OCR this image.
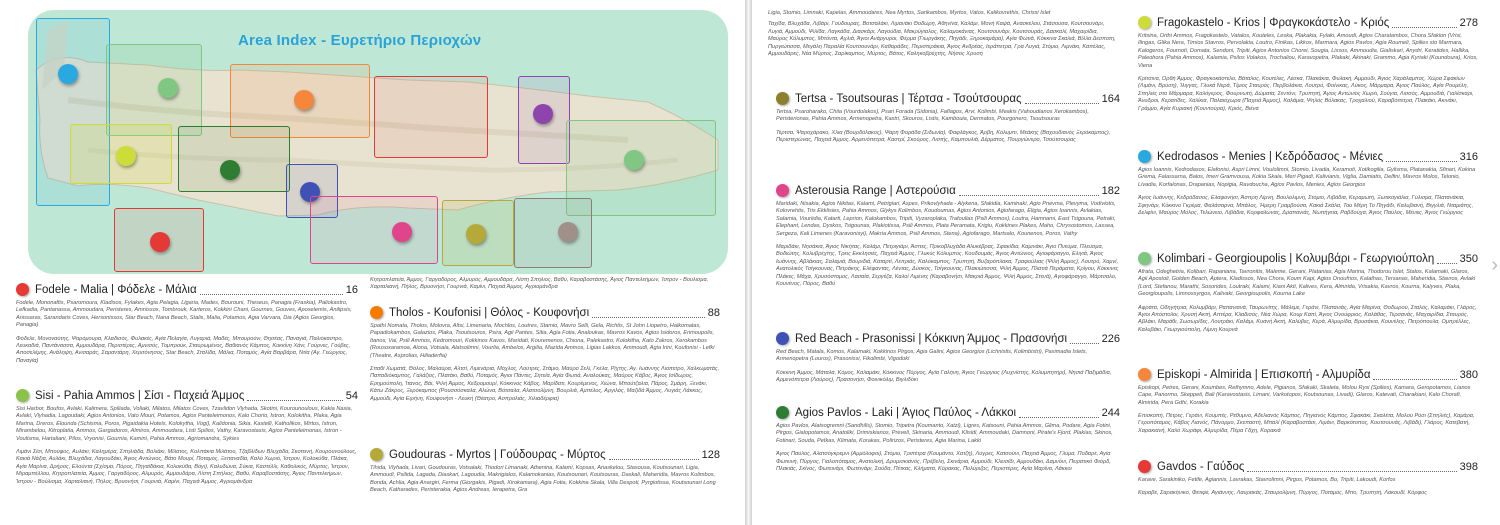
Area Index - Ευρετήριο Περιοχών
Fodele - Malia | Φόδελε - Μάλια	16

Fodele, Mononaftis, Psaromoura, Kladisos, Fylakes, Agia Pelagia, Ligaria, Mades, Bourouni, Theseus, Panagia (Fraskia), Paliokastro, Lefkadia, Pantanassa, Ammoudara, Peristeres, Amnissos, Tombrouk, Karteros, Kokkini Chani, Gournes, Gouves, Aposelemis, Anilipsis, Anissaras, Sarandaris Coves, Hersonissos, Star Beach, Nana Beach, Stalis, Malia, Potamos, Agia Varvara, Dia (Agios Georgios, Panagia)

Φόδελε, Μονοναύτης, Ψαρόμουρα, Κλαδισός, Φυλακές, Αγία Πελαγία, Λυγαριά, Μαδές, Μπουρούνι, Θησέας, Παναγιά, Παλιόκαστρο, Λευκαδιά, Παντάνασσα, Αμμουδάρα, Περιστέρες, Αμνισός, Τομπρούκ, Σταυρωμένος, Βαθιανός Κάμπος, Κοκκίνη Χάνι, Γούρνες, Γούβες, Αποσελέμης, Ανάληψη, Ανισαράς, Σαραντάρη, Χερσόνησος, Star Beach, Σταλίδα, Μάλια, Ποταμός, Αγία Βαρβάρα, Ντία (Αγ. Γεώργιος, Παναγία)

Sisi - Pahia Ammos | Σίσι - Παχειά Άμμος	54

Sisi Harbor, Boufos, Avlaki, Kalimera, Spiliada, Voliaki, Milatos, Milatos Coves, Tzavlidon Vlyhada, Skotini, Kourounoulous, Kakia Naxia, Avlaki, Vlyhadia, Lagoudaki, Agios Antonios, Vato Mouri, Potamos, Agios Panteleimonos, Kalo Chorio, Istron, Kolokitha, Plaka, Agia Marina, Dreros, Elounda (Schisma, Poros, Pigaidakia Hotels, Kolokytha, Vogi), Kalidonia, Sikia, Kastelli, Katholikos, Mirtos, Istron, Mirambelou, Kitroplatia, Ammos, Gargadoros, Almiros, Ammoudara, Listi Spilios, Vathy, Karavostasis, Agios Panteleimonas, Istron - Voulisma, Hartaliani, Pilos, Vryonisi, Gournia, Kamini, Pahia Ammos, Agriomandra, Sykies

Λιμάνι Σίσι, Μπούφος, Αυλάκι, Καλημέρα, Σπηλιάδα, Βολιάκι, Μίλατος, Κολπάκια Μιλάτου, Τζαβλίδων Βλυχάδα, Σκοτεινή, Κουρουνούλους, Κακιά Νάξια, Αυλάκι, Βλυχάδια, Λαγουδάκι, Άγιος Αντώνιος, Βάτο Μουρί, Ποταμός, Ξεπαναδία, Καλό Χωριό, Ίστρον, Κολοκύθα, Πλάκα, Αγία Μαρίνα, Δρήρος, Ελούντα (Σχίσμα, Πόρος, Πηγαϊδάκια, Κολοκύθα, Βόγι), Καλυδώνα, Σύκια, Καστέλλι, Καθολικός, Μύρτος, Ίστρον, Μιραμπέλλου, Κητροπλατεία, Άμμος, Γαργαδόρος, Αλμυρός, Αμμουδάρα, Λίστη Σπήλιος, Βαθύ, Καραβοστάσης, Άγιος Παντελεήμων, Ίστρον - Βούλισμα, Χαρταλιανή, Πήλος, Βρυονήσι, Γουρνιά, Καμίνι, Παχειά Άμμος, Αγριομάνδρα

Κητροπλατεία, Άμμος, Γαργαδόρος, Αλμυρός, Αμμουδάρα, Λίστη Σπήλιος, Βαθύ, Καραβοστάσης, Άγιος Παντελεήμων, Ίστρον - Βούλισμα, Χαρταλιανή, Πήλος, Βρυονήσι, Γουρνιά, Καμίνι, Παχειά Άμμος, Αγριομάνδρα

Tholos - Koufonisi | Θόλος - Κουφονήσι	88

Spathi Nomata, Tholos, Molovra, Altsi, Limenaria, Mochlos, Loutres, Stamio, Mavro Selli, Gela, Richtis, St John Liopetro, Halkomatas, Papadiokambos, Galazios, Plaka, Tsoutsouros, Psira, Agii Pantes, Sitia, Agia Fotia, Analoukas, Mavros Kavos, Agios Isidoros, Erimoupolis, Itanos, Vai, Psili Ammos, Kedromouri, Kokkinos Kavos, Maridati, Kouremenos, Chiona, Palekastro, Kolokitha, Kato Zakros, Xerokambos (Rousoxaramoa, Alona, Votsala, Alatsolimni, Vourlia, Ambelos, Argilia, Mazida Ammos, Ligias Lakkos, Ammoudi, Agia Irini, Koufonisi - Lefki (Theatre, Asprolias, Hiliaderfia)

Σπαθί Χωματά, Θόλος, Μαλαύρα, Αλτσί, Λιμενάρια, Μόχλος, Λούτρες, Στάμιο, Μαύρο Σελί, Γκέλα, Ρίχτης, Αγ. Ιωάννης Λιόπετρο, Χαλκωματάς, Παπαδιόκαμπος, Γαλάζιος, Πλατάκι, Βαθύ, Ποταμός, Άγιοι Πάντες, Σητεία, Αγία Φωτιά, Αναλούκας, Μαύρος Κάβος, Άγιος Ισίδωρος, Ερημούπολη, Ίτανος, Βάι, Ψιλή Άμμος, Κεδρομουρί, Κόκκινος Κάβος, Μαρίδατι, Κουρέμενος, Χιώνα, Μπούτζαλια, Πάρος, Σμάρη, Ξενάκι, Κάτω Ζάκρος, Ξερόκαμπος (Ρουσσόσκαλα, Αλώνα, Βότσαλα, Αλατσολίμνη, Βουρλιά, Αμπέλος, Αργιλός, Μαζιδά Άμμος, Λυγιάς Λάκκος, Αμμούδι, Αγία Ειρήνη, Κουφονήσι - Λευκή (Θέατρο, Ασπρολιάς, Χιλιαδέρφια)

Goudouras - Myrtos | Γούδουρας - Μύρτος	128

Tihida, Vlyhada, Livari, Goudouras, Votsalaki, Thodori Limanaki, Athenina, Kalami, Kopsas, Anaskelou, Stasousa, Koutsounari, Ligia, Ammoudi, Psilida, Lagada, Diaskari, Lagoudia, Makrigialos, Kalamokanias, Koutsounari, Koutsouras, Daskali, Maheridia, Mavros Kolimbos, Bonda, Achlia, Agia Anargiri, Ferma (Giorgakis, Pigadi, Xirokamara), Agia Fotia, Kokkina Skala, Villa Despoti, Pyrgiotissa, Koutsounari Long Beach, Katharades, Peristerakia, Agios Andreas, Ierapetra, Gra

Ligia, Stomio, Limnaki, Kapelas, Ammoudares, Nea Myrtos, Sarikambos, Myrtos, Vatos, Kalikovrethis, Chrissi Islet

Ταχίδα, Βλυχάδα, Λιβάρι, Γούδουρας, Βοτσαλάκι, Λιμανάκι Θοδωρή, Αθηνίνα, Καλάμι, Μονή Καψά, Ανασκέλου, Στάσουσα, Κουτσουνάρι, Λυγιά, Αμμούδι, Ψιλίδα, Λαγκάδα, Διασκάρι, Λαγούδια, Μακρύγιαλος, Καλαμοκάνιας, Κουτσουνάρι, Κουτσουράς, Δασκαλί, Μαχαιρίδια, Μαύρος Κόλυμπος, Μπόντα, Αχλιά, Άγιοι Ανάργυροι, Φέρμα (Γιωργάκης, Πηγάδι, Ξηροκαμάρα), Αγία Φωτιά, Κόκκινα Σκαλιά, Βίλλα Δεσποτη, Πυργιώτισσα, Μεγάλη Παραλία Κουτσουνάρι, Καθαράδες, Περιστεράκια, Άγιος Ανδρέας, Ιεράπετρα, Γρα Λυγιά, Στόμιο, Λιμνάκι, Καπέλας, Αμμουδάρες, Νέα Μύρτος, Σαρίκαμπος, Μύρτος, Βάτος, Καληκοβρέχτης, Νήσος Χρυσή

Tertsa - Tsoutsouras | Τέρτσα - Τσούτσουρας	164

Tertsa, Psaroharako, Chiia (Vourdolakos), Psari Forada (Sidonia), Faflagos, Arvi, Kolimbi, Meakis (Vahoudianos Xerokambos), Peristerionas, Pahia Ammos, Armenopetra, Kastri, Skouros, Listis, Kambouia, Dermatos, Pourgonero, Tsoutsouras

Τέρτσα, Ψαροχάρακο, Χλια (Βουρδόλακος), Ψαρή Φοράδα (Σιδωνία), Φαφλάγκος, Άρβη, Κόλυμπι, Μεάκης (Βαχουδιανός Ξερόκαμπος), Περιστερώνας, Παχειά Άμμος, Αρμενόπετρα, Καστρί, Σκούρος, Λιστής, Καμπουλιά, Δέρματος, Πουργώνερο, Τσούτσουρας

Asterousia Range | Αστερούσια	182

Maridaki, Nisakia, Agios Nikitas, Kalami, Petrigiari, Aspes, Prikovlyhada - Alykena, Sfakidia, Kaminaki, Agio Pnevma, Plevyma, Vodiviotis, Kolovrehtis, Tris Ekklisies, Pahia Ammos, Glykys Kolimbos, Koudoumas, Agios Antonios, Agiofarago, Eligia, Agios Ioannis, Avlakias, Salamia, Vouriidia, Katarti, Leprion, Kalokambos, Tripiti, Vyzaroplaka, Trafoulias (Psili Ammos), Loutra, Hamnami, East Tsigouna, Petraki, Elephant, Lendas, Dyskos, Tsigounas, Plakiotissa, Psili Ammos, Plata Peramata, Krigiu, Kokkines Plakes, Maho, Chrysostomos, Lassea, Sergeza, Kali Limenes (Karavonisyi), Makria Ammos, Psili Ammos, Stena), Agiofarago, Martsalo, Kounenos, Poros, Vathy

Μαριδάκι, Νησάκια, Άγιος Νικήτας, Καλάμι, Πετριγιάρι, Άσπες, Πρικοβλυχάδα Αλυκέβρας, Σφακίδια, Καμινάκι, Άγιο Πνεύμα, Πλεύσμα, Βοδιώτης, Κολυβρέχτης, Τρεις Εκκλησιές, Παχειά Άμμος, Γλυκύς Κόλυμπος, Κουδουμάς, Άγιος Αντώνιος, Αγιοφάραγγο, Ελιγιά, Άγιος Ιωάννης, Αβλάκιας, Σαλαμιά, Βουριδιά, Καταρτί, Λεπριάς, Καλόκαμπος, Τρυπητή, Βυζαρόπλακα, Τραφούλιας (Ψιλή Άμμος), Λουτρό, Χαμνί, Ανατολικός Τσίγκουνας, Πετράκης, Ελέφαντας, Λέντας, Δύσκος, Τσίγκουνας, Πλακιώτισσα, Ψιλή Άμμος, Πλατιά Περάματα, Κρίγου, Κόκκινες Πλάκες, Μάχα, Χρυσόστομος, Λασαία, Σεργέζα, Καλοί Λιμένες (Καραβονήσι, Μακριά Άμμος, Ψιλή Άμμος, Στενά), Αγιοφάραγγο, Μάρτσαλο, Κουνένος, Πόρος, Βαθύ

Red Beach - Prasonissi | Κόκκινη Άμμος - Πρασονήσι	226

Red Beach, Matala, Komos, Kalamaki, Kokkinos Pirgos, Agia Galini, Agios Georgios (Lichnistis, Kolimbistri), Paximadia Islets, Armenopetra (Louros), Prasonissi, Fikolimbi, Vigodoki

Κόκκινη Άμμος, Μάταλα, Κόμος, Καλαμάκι, Κόκκινος Πύργος, Αγία Γαλήνη, Άγιος Γεώργιος (Λυχνίστης, Κολυμπητήρι), Νησιά Παξιμάδια, Αρμενόπετρα (Λούρος), Πρασονήσι, Φοινικόλιμ, Βιγλιδόκι

Agios Pavlos - Laki | Άγιος Παύλος - Λάκκοι	244

Agios Pavlos, Alatsogremni (Sandhills), Stomio, Tripetra (Koumanto, Xatzi), Ligres, Katsouni, Pahia Ammos, Glima, Podare, Agia Fotini, Pirgos, Gialopotamos, Anatoliki, Drimiskianos, Preveli, Skinaria, Ammoudi, Klisidi, Ammoudaki, Damnoni, Pirate's Fjord, Plakias, Skinos, Fotinari, Souda, Petkas, Klimata, Korakas, Polirizos, Peristeres, Agia Marina, Lakki

Άγιος Παύλος, Αλατσόγκρεμνι (Αμμόλοφοι), Στόμιο, Τριπέτρα (Κουμάντο, Χατζή), Λύγρες, Κατσούνι, Παχειά Άμμος, Γλύμα, Ποδαρέ, Αγία Φωτεινή, Πύργος, Γιαλοπόταμος, Ανατολική, Δρυμισκιανός, Πρέβελη, Σκινάρια, Αμμούδι, Κλεισίδι, Αμμουδάκι, Δαμνόνι, Πειρατικό Φιόρδ, Πλακιάς, Σκίνος, Φωτεινάρι, Φωτεινάρι, Σούδα, Πέτκας, Κλήματα, Κόρακας, Πολύριζος, Περιστέρες, Αγία Μαρίνα, Λάκκοι

Fragokastelo - Krios | Φραγκοκάστελο - Κριός	278

Kritsina, Orthi Ammos, Fragokastelo, Vatalos, Kouteles, Leska, Plakakia, Fylaki, Amoudi, Agios Charalambos, Chora Sfakion (Vrisi, Ilingas, Glika Nera, Timios Stavros, Pervolakia, Loutro, Finikas, Likkos, Marmara, Agios Pavlos, Agia Roumeli, Spilies sto Marmara, Kalogeros, Fournoti, Domata, Sendoni, Tripiti, Agios Antonios Chorei, Sougia, Lissos, Ammoudia, Gialiskari, Anydri, Keratides, Hallika, Paleohora (Pahia Ammos), Kalamia, Psilos Volakos, Trochaliou, Karavopetra, Plakaki, Akinaki, Grammo, Agia Kyriaki (Koundoura), Krios, Viena

Κρίτσινα, Ορθή Άμμος, Φραγκοκάστελο, Βάταλος, Κουτέλες, Λέσκα, Πλακάκια, Φυλακή, Αμμούδι, Άγιος Χαράλαμπος, Χώρα Σφακίων (Λιμάνι, Βρύση), Ίλιγγας, Γλυκά Νερά, Τίμιος Σταυρός, Περβολάκια, Λουτρό, Φοίνικας, Λύκος, Μάρμαρα, Άγιος Παύλος, Αγία Ρουμέλη, Σπηλιές στο Μάρμαρα, Καλόγερος, Φουρνωτή, Δώματα, Σεντόνι, Τρυπητή, Άγιος Αντώνιος Χωρέι, Σούγια, Λισσός, Αμμουδιά, Γιαλίσκαρι, Άνυδροι, Κερατίδες, Χαλίκια, Παλαιόχωρα (Παχειά Άμμος), Καλάμια, Ψηλός Βόλακας, Τροχαλιού, Καραβόπετρα, Πλακάκι, Ακινάκι, Γράμμο, Αγία Κυριακή (Κουντούρα), Κριός, Βιένα

Kedrodasos - Menies | Κεδρόδασος - Μένιες	316

Agios Ioannis, Kedrodasos, Elafonisi, Aspri Limni, Voulolimni, Stomio, Livadia, Keramoti, Xotikogilia, Gylisma, Platanakia, Sfinari, Kokina Grema, Falassarna, Balos, Imeri Gramvousa, Kokia Skala, Meri Pigadi, Kalivianis, Viglia, Damiatis, Delfini, Mavros Molos, Telonio, Livadia, Korfalonas, Drapanias, Nopigia, Ravdoucha, Agios Pavlos, Menies, Agios Georgios

Άγιος Ιωάννης, Κεδρόδασος, Ελαφονήσι, Άσπρη Λίμνη, Βουλόλιμνη, Στόμιο, Λιβάδια, Κεραμωτή, Ξωτικογιάλια, Γύλισμα, Πλατανάκια, Σφηνάρι, Κόκκινο Γκρέμα, Φαλάσαρνα, Μπάλος, Ήμερη Γραμβούσα, Κακιά Σκάλα, Του Μέρη Το Πηγάδι, Καλυβιανή, Βιγγλιά, Νταμιάτης, Δελφίνι, Μαύρος Μόλος, Τελώνειο, Λιβάδια, Κορφαλώνας, Δραπανιάς, Νωπήγεια, Ραβδούχα, Άγιος Παύλος, Μένιες, Άγιος Γεώργιος

Kolimbari - Georgioupolis | Κολυμβάρι - Γεωργιούπολη 350

Afrata, Odeghetria, Kolibari, Rapaniana, Tavronitis, Maleme, Gerani, Platanias, Agia Marina, Thodorou Islet, Stalos, Kalamaki, Glaros, Agii Apostoli, Golden Beach, Aptera, Kladissos, Nea Chora, Koum Kapi, Agios Onoufrios, Kalathas, Tersanas, Maheridia, Stavros, Avlaki (Lord, Stefanou, Marathi, Sosorides, Loutraki, Kalami, Kiani Akti, Kalives, Kera, Almirida, Vrisakia, Kavros, Kourna, Kalyves, Plaka, Georgioupolis, Limnossyrgos, Kalivaki, Georgioupolis, Kourna Lake

Αφράτα, Οδηγήτρια, Κολυμβάρι, Ραπανιανά, Ταυρωνίτης, Μάλεμε, Γεράνι, Πλατανιάς, Αγία Μαρίνα, Θοδωρού, Σταλός, Καλαμάκι, Γλάρος, Άγιοι Απόστολοι, Χρυσή Ακτή, Απτέρα, Κλαδισός, Νέα Χώρα, Κουμ Καπί, Άγιος Ονούφριος, Καλάθας, Τερσανάς, Μαχαιρίδια, Σταυρός, Αβλάκι, Μαράθι, Σωσωρίδες, Λουτράκι, Καλάμι, Κυανή Ακτή, Καλύβες, Κερά, Αλμυρίδα, Βρυσάκια, Κουνέλης, Πετρόπουλα, Ομπρέλλες, Καλυβάκι, Γεωργιούπολη, Λίμνη Κουρνά

Episkopi - Almirida | Επισκοπή - Αλμυρίδα	380

Episkopi, Petres, Gerani, Koumbes, Rethymno, Adele, Pigianos, Sfakaki, Skaleta, Molou Rysi (Spilies), Kamara, Geropotamos, Lianos Cape, Panormo, Skeppeti, Bali (Karavostasis, Limani, Varkotopos, Koutsounas, Livadi), Glaros, Katevati, Charakiani, Kalo Chorafi, Almirida, Pera Gdhi, Korakia

Επισκοπή, Πέτρες, Γεράνι, Κουμπές, Ρέθυμνο, Αδελιανός Κάμπος, Πηγιανός Κάμπος, Σφακάκι, Σκαλέτα, Μολού Ρύσι (Σπηλιές), Καμάρα, Γεροπόταμος, Κάβος Λιανός, Πάνορμο, Σκεπαστή, Μπαλί (Καραβοστάσι, Λιμάνι, Βαρκότοπος, Κουτσουνάς, Λιβάδι), Γλάρος, Κατεβατή, Χαρακιανή, Καλό Χωράφι, Αλμυρίδα, Πέρα Γδχη, Κορακιά

Gavdos - Γαύδος	398

Karave, Sarakiniko, Fetife, Agiannis, Lavrakas, Stavrolimni, Pirgos, Potamos, Bo, Tripiti, Lakoudi, Korfos

Καραβέ, Σαρακήνικο, Φετιφέ, Αγιάννης, Λαυρακάς, Σταυρολίμνη, Πύργος, Ποταμός, Μπο, Τρυπητή, Λακουδί, Κόρφος

›
